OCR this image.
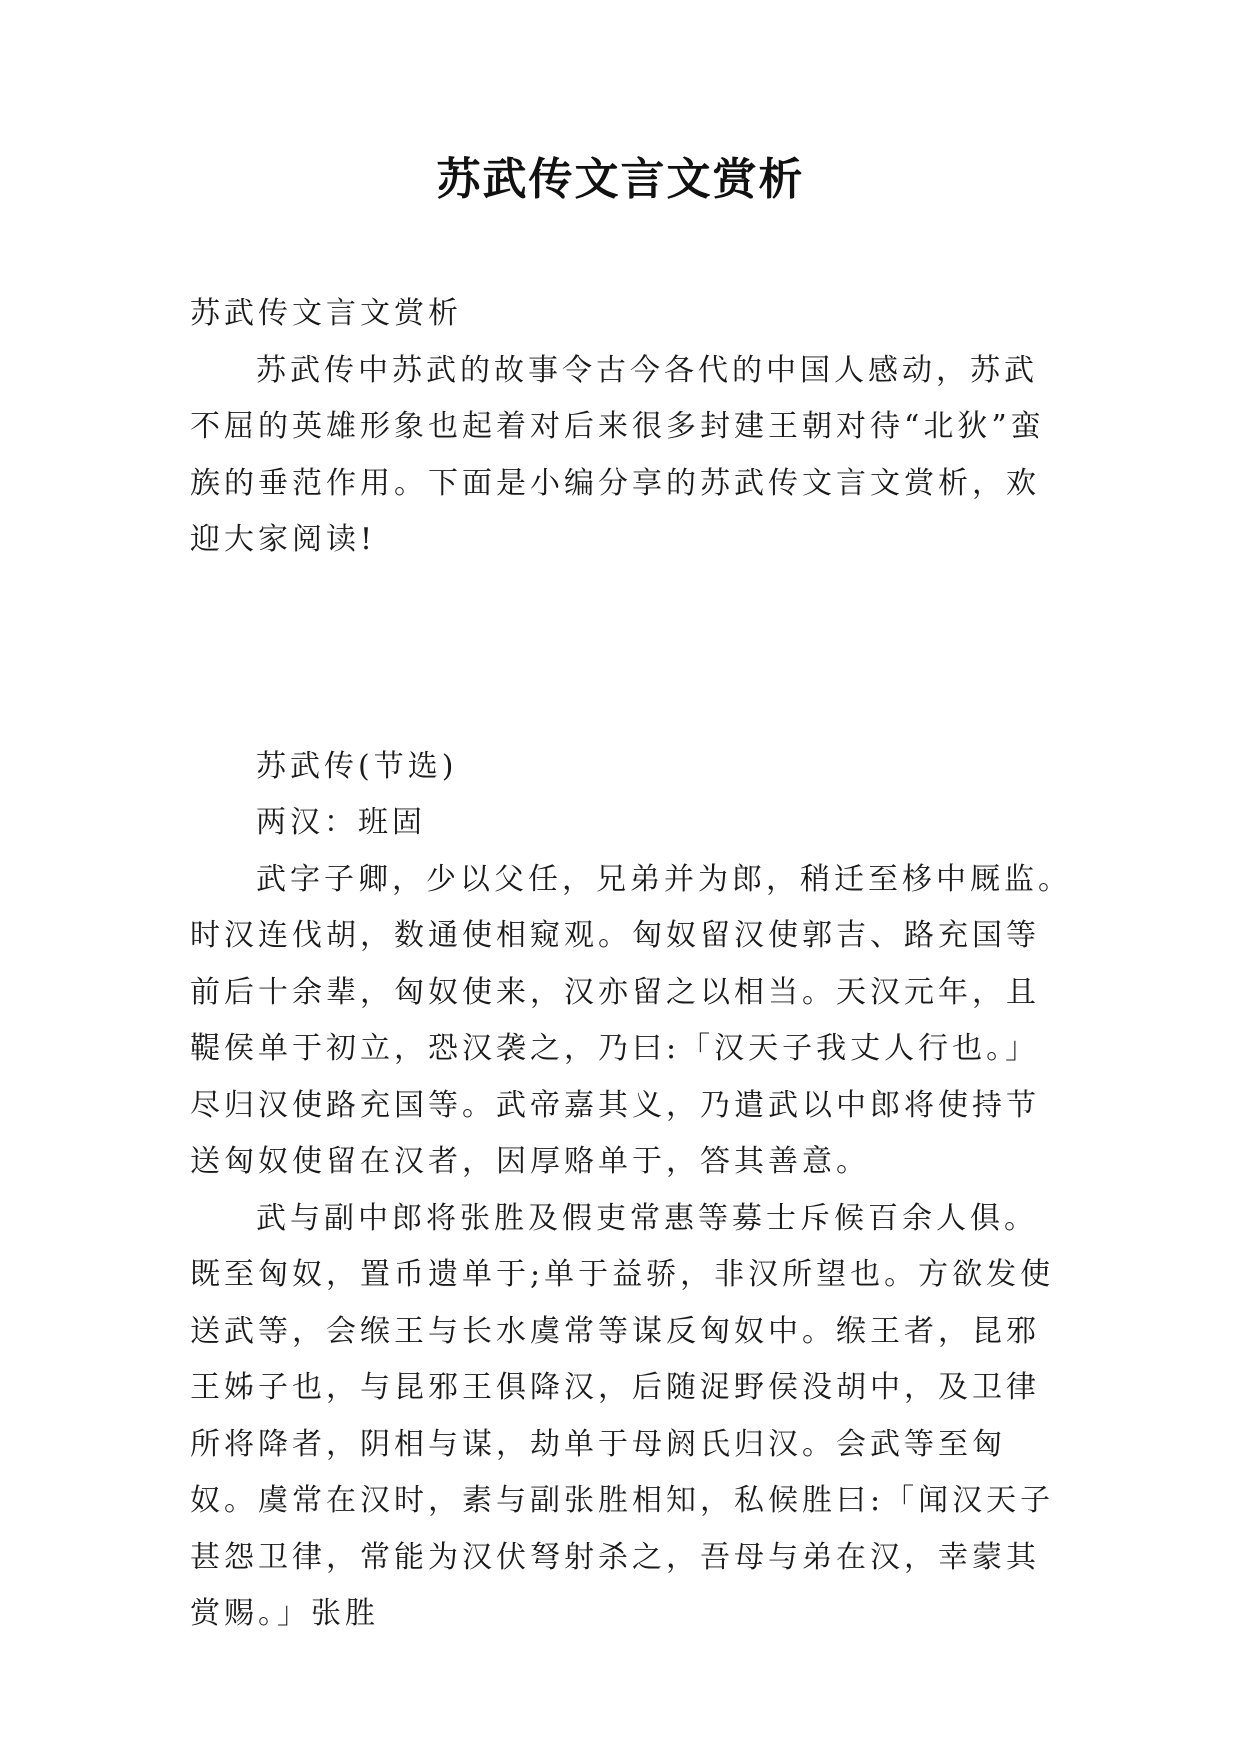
苏武传文言文赏析

苏武传文言文赏析

苏武传中苏武的故事令古今各代的中国人感动，苏武不屈的英雄形象也起着对后来很多封建王朝对待“北狄”蛮族的垂范作用。下面是小编分享的苏武传文言文赏析，欢迎大家阅读!

苏武传(节选)

两汉：班固

武字子卿，少以父任，兄弟并为郎，稍迁至栘中厩监。

时汉连伐胡，数通使相窥观。匈奴留汉使郭吉、路充国等前后十余辈，匈奴使来，汉亦留之以相当。天汉元年，且鞮侯单于初立，恐汉袭之，乃曰:「汉天子我丈人行也。」尽归汉使路充国等。武帝嘉其义，乃遣武以中郎将使持节送匈奴使留在汉者，因厚赂单于，答其善意。

武与副中郎将张胜及假吏常惠等募士斥候百余人俱。既至匈奴，置币遗单于;单于益骄，非汉所望也。方欲发使送武等，会缑王与长水虞常等谋反匈奴中。缑王者，昆邪王姊子也，与昆邪王俱降汉，后随浞野侯没胡中，及卫律所将降者，阴相与谋，劫单于母阏氏归汉。会武等至匈奴。虞常在汉时，素与副张胜相知，私候胜曰:「闻汉天子甚怨卫律，常能为汉伏弩射杀之，吾母与弟在汉，幸蒙其赏赐。」张胜
